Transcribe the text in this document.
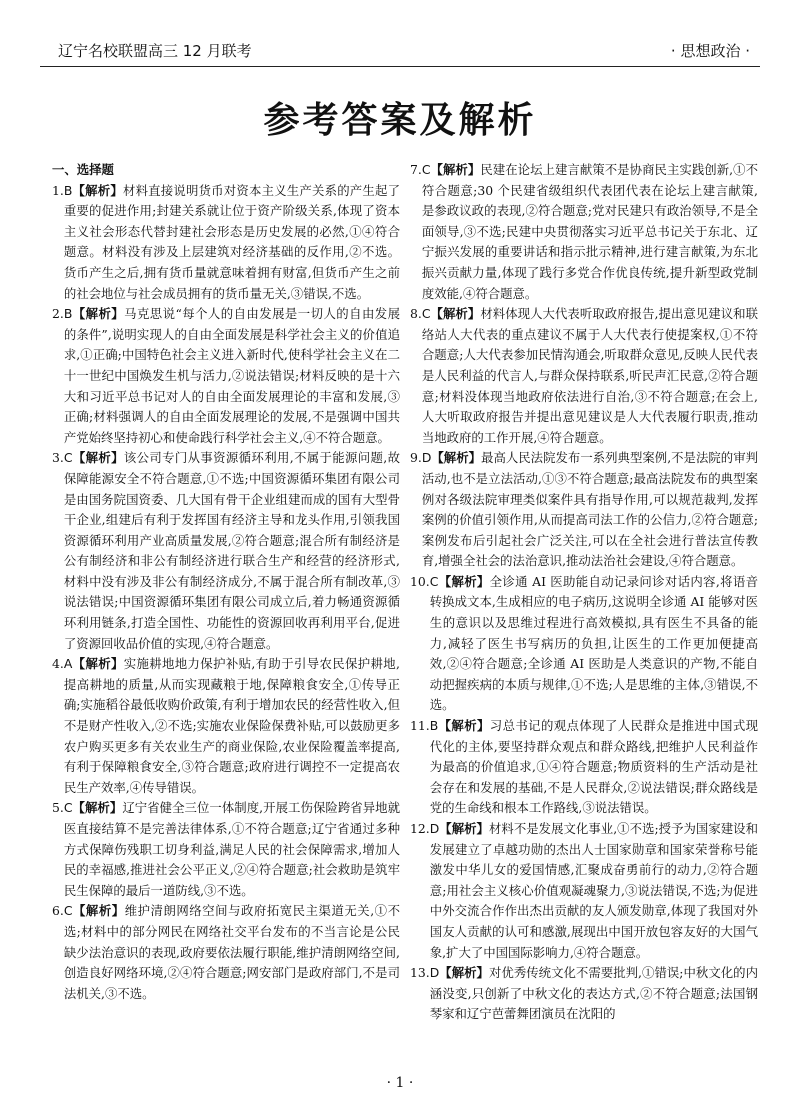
辽宁名校联盟高三 12 月联考	· 思想政治 ·
参考答案及解析
一、选择题
1. B【解析】材料直接说明货币对资本主义生产关系的产生起了重要的促进作用;封建关系就让位于资产阶级关系,体现了资本主义社会形态代替封建社会形态是历史发展的必然,①④符合题意。材料没有涉及上层建筑对经济基础的反作用,②不选。货币产生之后,拥有货币量就意味着拥有财富,但货币产生之前的社会地位与社会成员拥有的货币量无关,③错误,不选。
2. B【解析】马克思说“每个人的自由发展是一切人的自由发展的条件”,说明实现人的自由全面发展是科学社会主义的价值追求,①正确;中国特色社会主义进入新时代,使科学社会主义在二十一世纪中国焕发生机与活力,②说法错误;材料反映的是十六大和习近平总书记对人的自由全面发展理论的丰富和发展,③正确;材料强调人的自由全面发展理论的发展,不是强调中国共产党始终坚持初心和使命践行科学社会主义,④不符合题意。
3. C【解析】该公司专门从事资源循环利用,不属于能源问题,故保障能源安全不符合题意,①不选;中国资源循环集团有限公司是由国务院国资委、几大国有骨干企业组建而成的国有大型骨干企业,组建后有利于发挥国有经济主导和龙头作用,引领我国资源循环利用产业高质量发展,②符合题意;混合所有制经济是公有制经济和非公有制经济进行联合生产和经营的经济形式,材料中没有涉及非公有制经济成分,不属于混合所有制改革,③说法错误;中国资源循环集团有限公司成立后,着力畅通资源循环利用链条,打造全国性、功能性的资源回收再利用平台,促进了资源回收品价值的实现,④符合题意。
4. A【解析】实施耕地地力保护补贴,有助于引导农民保护耕地,提高耕地的质量,从而实现藏粮于地,保障粮食安全,①传导正确;实施稻谷最低收购价政策,有利于增加农民的经营性收入,但不是财产性收入,②不选;实施农业保险保费补贴,可以鼓励更多农户购买更多有关农业生产的商业保险,农业保险覆盖率提高,有利于保障粮食安全,③符合题意;政府进行调控不一定提高农民生产效率,④传导错误。
5. C【解析】辽宁省健全三位一体制度,开展工伤保险跨省异地就医直接结算不是完善法律体系,①不符合题意;辽宁省通过多种方式保障伤残职工切身利益,满足人民的社会保障需求,增加人民的幸福感,推进社会公平正义,②④符合题意;社会救助是筑牢民生保障的最后一道防线,③不选。
6. C【解析】维护清朗网络空间与政府拓宽民主渠道无关,①不选;材料中的部分网民在网络社交平台发布的不当言论是公民缺少法治意识的表现,政府要依法履行职能,维护清朗网络空间,创造良好网络环境,②④符合题意;网安部门是政府部门,不是司法机关,③不选。
7. C【解析】民建在论坛上建言献策不是协商民主实践创新,①不符合题意;30 个民建省级组织代表团代表在论坛上建言献策,是参政议政的表现,②符合题意;党对民建只有政治领导,不是全面领导,③不选;民建中央贯彻落实习近平总书记关于东北、辽宁振兴发展的重要讲话和指示批示精神,进行建言献策,为东北振兴贡献力量,体现了践行多党合作优良传统,提升新型政党制度效能,④符合题意。
8. C【解析】材料体现人大代表听取政府报告,提出意见建议和联络站人大代表的重点建议不属于人大代表行使提案权,①不符合题意;人大代表参加民情沟通会,听取群众意见,反映人民代表是人民利益的代言人,与群众保持联系,听民声汇民意,②符合题意;材料没体现当地政府依法进行自治,③不符合题意;在会上,人大听取政府报告并提出意见建议是人大代表履行职责,推动当地政府的工作开展,④符合题意。
9. D【解析】最高人民法院发布一系列典型案例,不是法院的审判活动,也不是立法活动,①③不符合题意;最高法院发布的典型案例对各级法院审理类似案件具有指导作用,可以规范裁判,发挥案例的价值引领作用,从而提高司法工作的公信力,②符合题意;案例发布后引起社会广泛关注,可以在全社会进行普法宣传教育,增强全社会的法治意识,推动法治社会建设,④符合题意。
10. C【解析】全诊通 AI 医助能自动记录问诊对话内容,将语音转换成文本,生成相应的电子病历,这说明全诊通 AI 能够对医生的意识以及思维过程进行高效模拟,具有医生不具备的能力,减轻了医生书写病历的负担,让医生的工作更加便捷高效,②④符合题意;全诊通 AI 医助是人类意识的产物,不能自动把握疾病的本质与规律,①不选;人是思维的主体,③错误,不选。
11. B【解析】习总书记的观点体现了人民群众是推进中国式现代化的主体,要坚持群众观点和群众路线,把维护人民利益作为最高的价值追求,①④符合题意;物质资料的生产活动是社会存在和发展的基础,不是人民群众,②说法错误;群众路线是党的生命线和根本工作路线,③说法错误。
12. D【解析】材料不是发展文化事业,①不选;授予为国家建设和发展建立了卓越功勋的杰出人士国家勋章和国家荣誉称号能激发中华儿女的爱国情感,汇聚成奋勇前行的动力,②符合题意;用社会主义核心价值观凝魂聚力,③说法错误,不选;为促进中外交流合作作出杰出贡献的友人颁发勋章,体现了我国对外国友人贡献的认可和感激,展现出中国开放包容友好的大国气象,扩大了中国国际影响力,④符合题意。
13. D【解析】对优秀传统文化不需要批判,①错误;中秋文化的内涵没变,只创新了中秋文化的表达方式,②不符合题意;法国钢琴家和辽宁芭蕾舞团演员在沈阳的
· 1 ·
